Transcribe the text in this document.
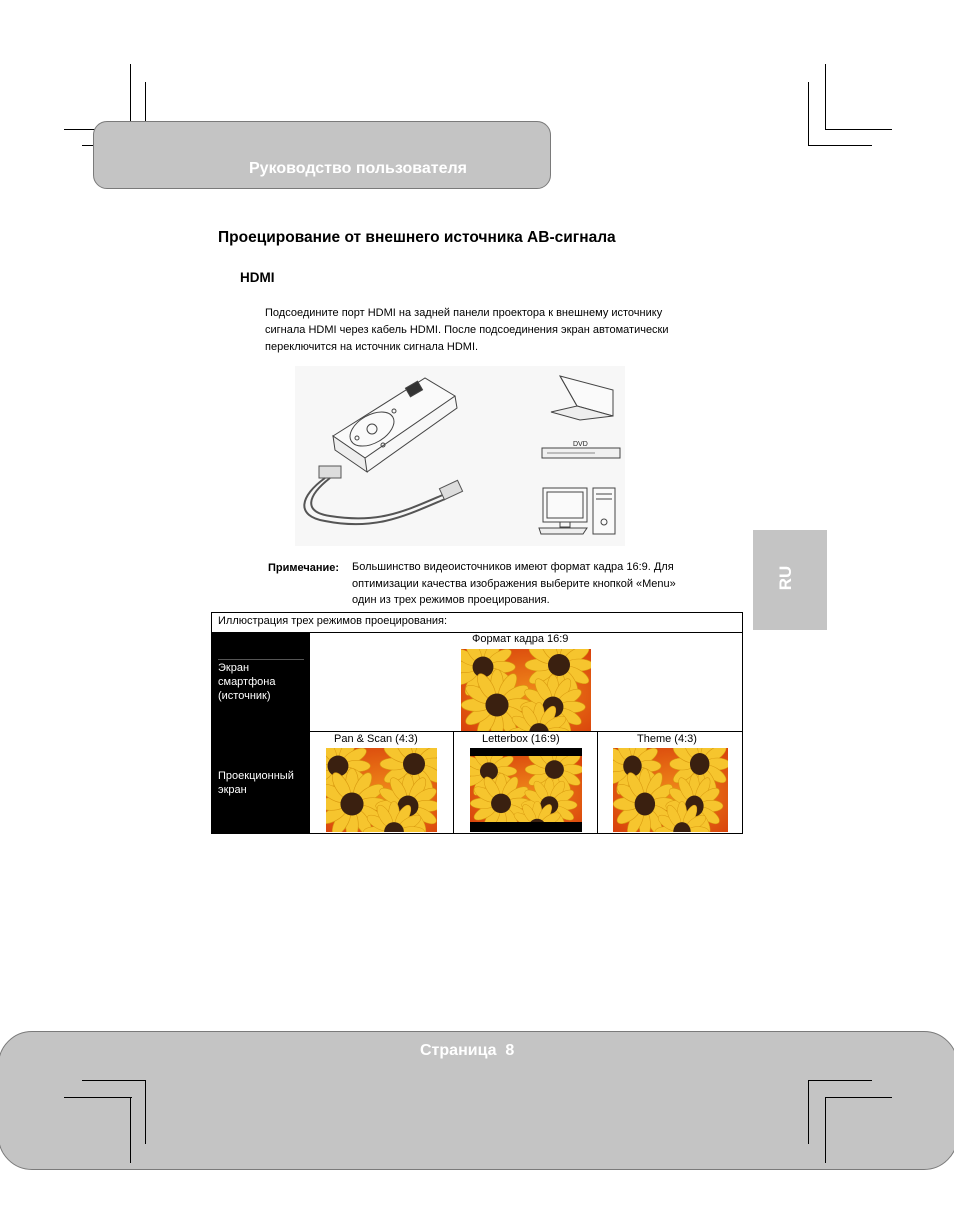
Руководство пользователя
RU
Проецирование от внешнего источника АВ-сигнала
HDMI
Подсоедините порт HDMI на задней панели проектора к внешнему источнику
сигнала HDMI через кабель HDMI. После подсоединения экран автоматически
переключится на источник сигнала HDMI.
DVD
Примечание: Большинство видеоисточников имеют формат кадра 16:9. Для
оптимизации качества изображения выберите кнопкой «Menu»
один из трех режимов проецирования.
Иллюстрация трех режимов проецирования:
Экран
смартфона
(источник)
Формат кадра 16:9
Проекционный
экран
Pan & Scan (4:3)	Letterbox (16:9)	Theme (4:3)
Страница  8
